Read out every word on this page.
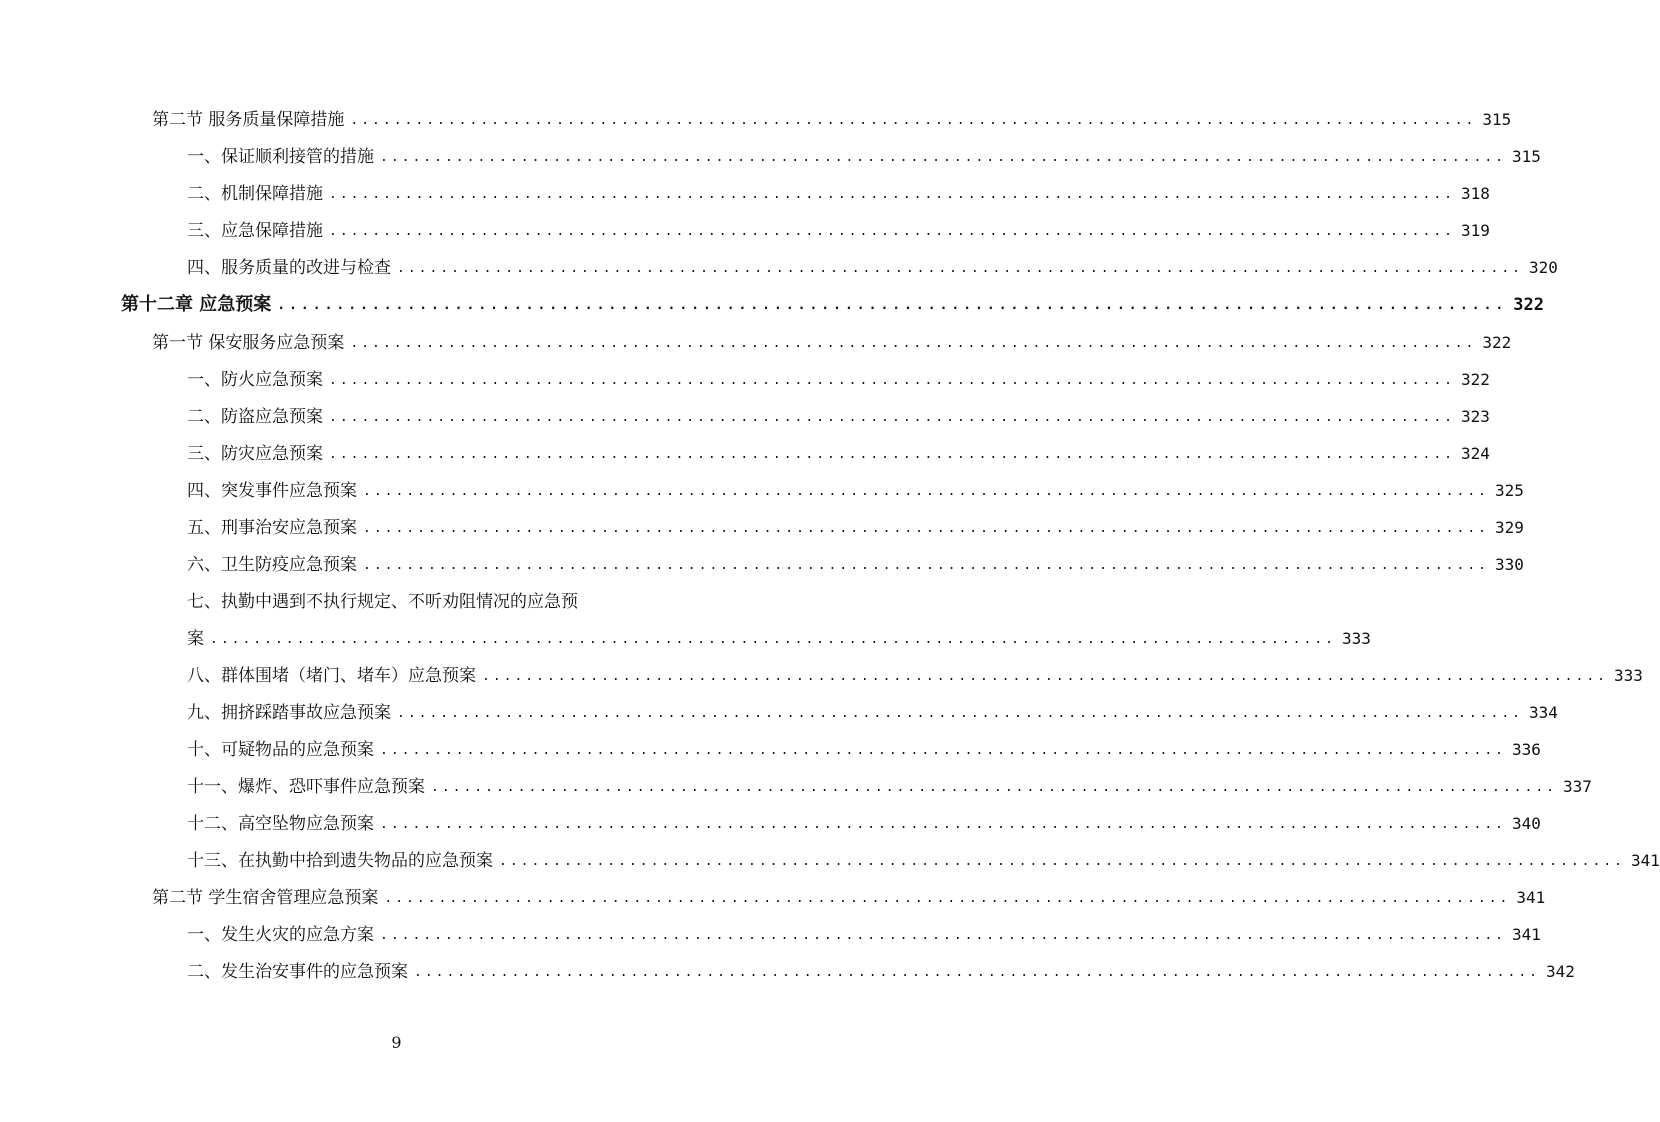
第二节 服务质量保障措施 ........................................................................................................ 315
一、保证顺利接管的措施 ........................................................................................................ 315
二、机制保障措施 ........................................................................................................ 318
三、应急保障措施 ........................................................................................................ 319
四、服务质量的改进与检查 ........................................................................................................ 320
第十二章 应急预案 ........................................................................................................ 322
第一节 保安服务应急预案 ........................................................................................................ 322
一、防火应急预案 ........................................................................................................ 322
二、防盗应急预案 ........................................................................................................ 323
三、防灾应急预案 ........................................................................................................ 324
四、突发事件应急预案 ........................................................................................................ 325
五、刑事治安应急预案 ........................................................................................................ 329
六、卫生防疫应急预案 ........................................................................................................ 330
七、执勤中遇到不执行规定、不听劝阻情况的应急预
案 ........................................................................................................ 333
八、群体围堵（堵门、堵车）应急预案 ........................................................................................................ 333
九、拥挤踩踏事故应急预案 ........................................................................................................ 334
十、可疑物品的应急预案 ........................................................................................................ 336
十一、爆炸、恐吓事件应急预案 ........................................................................................................ 337
十二、高空坠物应急预案 ........................................................................................................ 340
十三、在执勤中拾到遗失物品的应急预案 ........................................................................................................ 341
第二节 学生宿舍管理应急预案 ........................................................................................................ 341
一、发生火灾的应急方案 ........................................................................................................ 341
二、发生治安事件的应急预案 ........................................................................................................ 342
9
